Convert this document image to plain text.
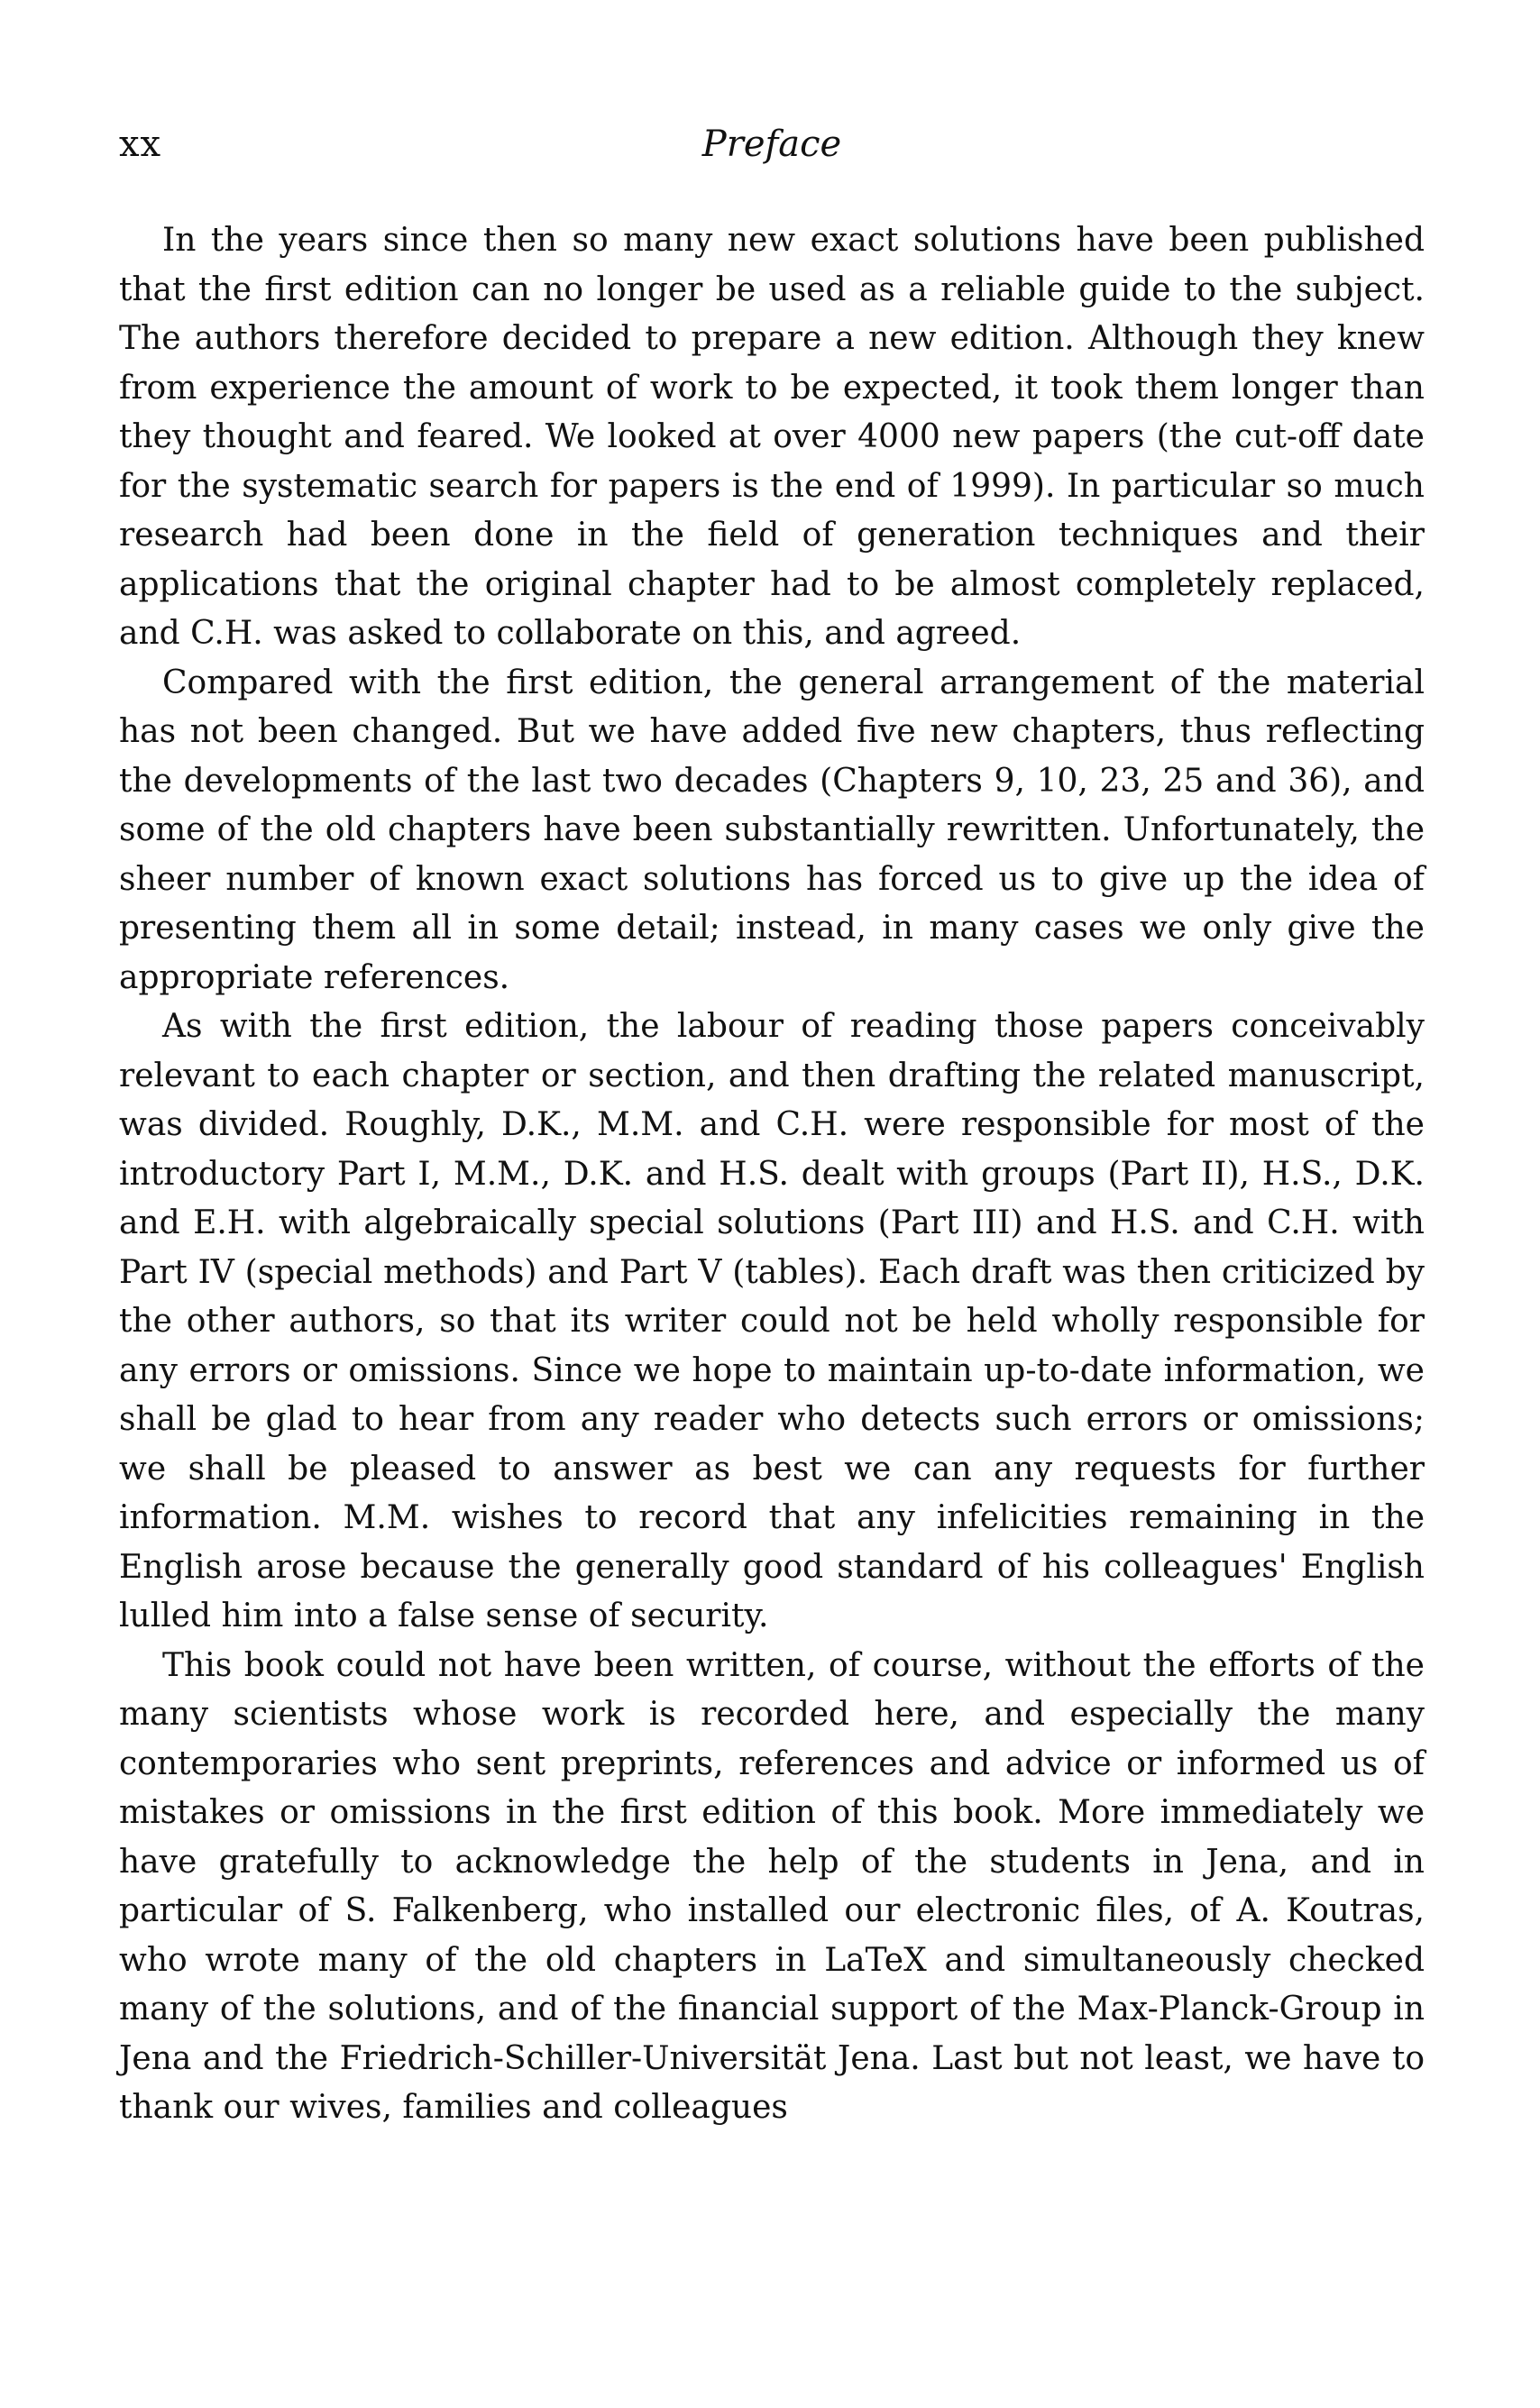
xx	Preface

In the years since then so many new exact solutions have been published that the first edition can no longer be used as a reliable guide to the subject. The authors therefore decided to prepare a new edition. Although they knew from experience the amount of work to be expected, it took them longer than they thought and feared. We looked at over 4000 new papers (the cut-off date for the systematic search for papers is the end of 1999). In particular so much research had been done in the field of generation techniques and their applications that the original chapter had to be almost completely replaced, and C.H. was asked to collaborate on this, and agreed.

Compared with the first edition, the general arrangement of the material has not been changed. But we have added five new chapters, thus reflecting the developments of the last two decades (Chapters 9, 10, 23, 25 and 36), and some of the old chapters have been substantially rewritten. Unfortunately, the sheer number of known exact solutions has forced us to give up the idea of presenting them all in some detail; instead, in many cases we only give the appropriate references.

As with the first edition, the labour of reading those papers conceivably relevant to each chapter or section, and then drafting the related manuscript, was divided. Roughly, D.K., M.M. and C.H. were responsible for most of the introductory Part I, M.M., D.K. and H.S. dealt with groups (Part II), H.S., D.K. and E.H. with algebraically special solutions (Part III) and H.S. and C.H. with Part IV (special methods) and Part V (tables). Each draft was then criticized by the other authors, so that its writer could not be held wholly responsible for any errors or omissions. Since we hope to maintain up-to-date information, we shall be glad to hear from any reader who detects such errors or omissions; we shall be pleased to answer as best we can any requests for further information. M.M. wishes to record that any infelicities remaining in the English arose because the generally good standard of his colleagues' English lulled him into a false sense of security.

This book could not have been written, of course, without the efforts of the many scientists whose work is recorded here, and especially the many contemporaries who sent preprints, references and advice or informed us of mistakes or omissions in the first edition of this book. More immediately we have gratefully to acknowledge the help of the students in Jena, and in particular of S. Falkenberg, who installed our electronic files, of A. Koutras, who wrote many of the old chapters in LaTeX and simultaneously checked many of the solutions, and of the financial support of the Max-Planck-Group in Jena and the Friedrich-Schiller-Universität Jena. Last but not least, we have to thank our wives, families and colleagues
